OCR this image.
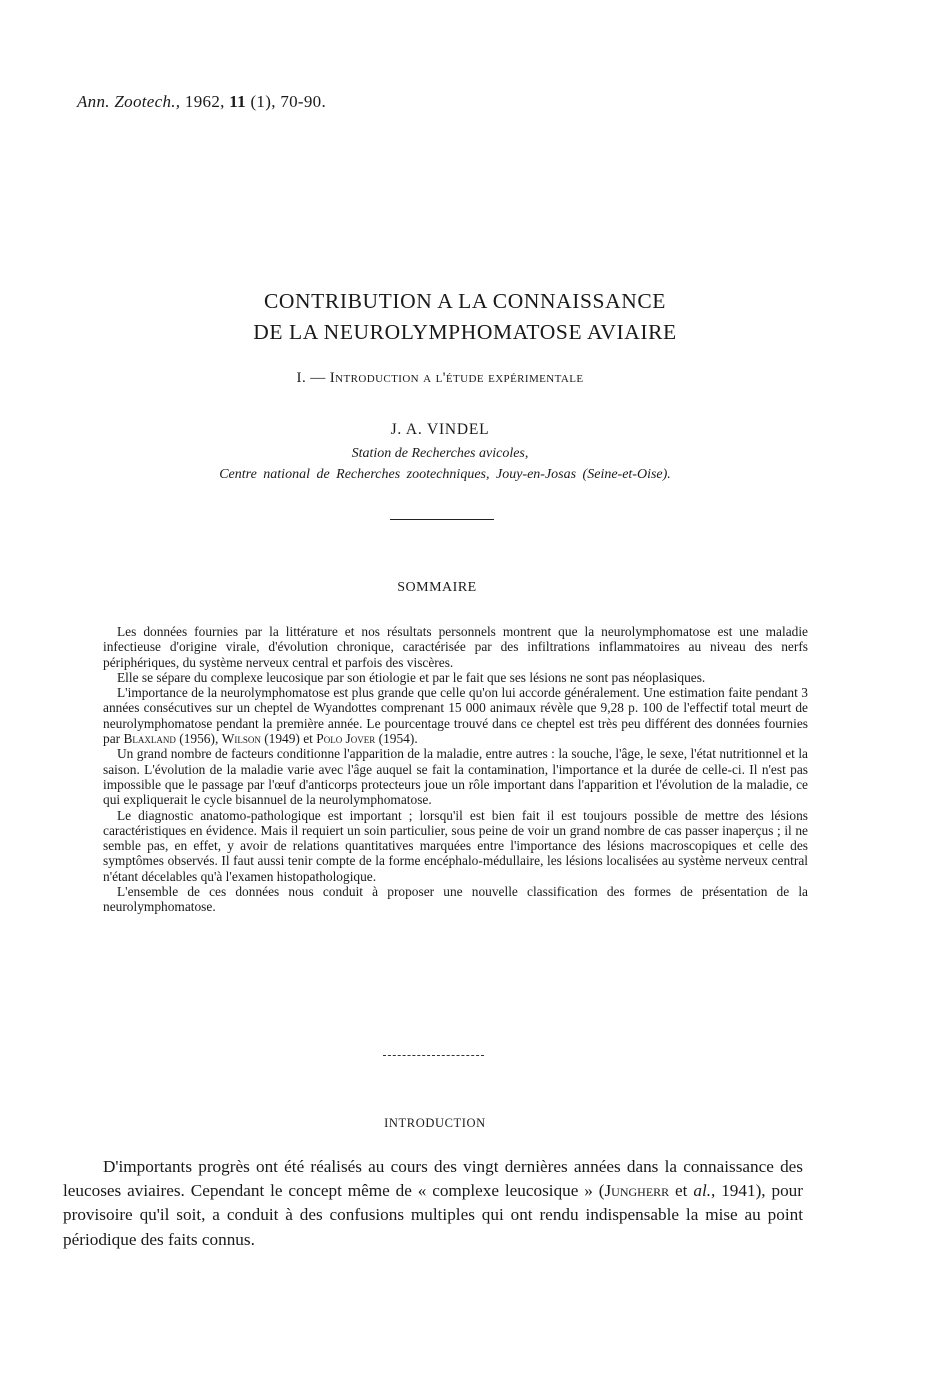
Ann. Zootech., 1962, 11 (1), 70-90.
CONTRIBUTION A LA CONNAISSANCE
DE LA NEUROLYMPHOMATOSE AVIAIRE
I. — Introduction a l'étude expérimentale
J. A. VINDEL
Station de Recherches avicoles,
Centre national de Recherches zootechniques, Jouy-en-Josas (Seine-et-Oise).
SOMMAIRE

Les données fournies par la littérature et nos résultats personnels montrent que la neurolymphomatose est une maladie infectieuse d'origine virale, d'évolution chronique, caractérisée par des infiltrations inflammatoires au niveau des nerfs périphériques, du système nerveux central et parfois des viscères.

Elle se sépare du complexe leucosique par son étiologie et par le fait que ses lésions ne sont pas néoplasiques.

L'importance de la neurolymphomatose est plus grande que celle qu'on lui accorde généralement. Une estimation faite pendant 3 années consécutives sur un cheptel de Wyandottes comprenant 15 000 animaux révèle que 9,28 p. 100 de l'effectif total meurt de neurolymphomatose pendant la première année. Le pourcentage trouvé dans ce cheptel est très peu différent des données fournies par Blaxland (1956), Wilson (1949) et Polo Jover (1954).

Un grand nombre de facteurs conditionne l'apparition de la maladie, entre autres : la souche, l'âge, le sexe, l'état nutritionnel et la saison. L'évolution de la maladie varie avec l'âge auquel se fait la contamination, l'importance et la durée de celle-ci. Il n'est pas impossible que le passage par l'œuf d'anticorps protecteurs joue un rôle important dans l'apparition et l'évolution de la maladie, ce qui expliquerait le cycle bisannuel de la neurolymphomatose.

Le diagnostic anatomo-pathologique est important ; lorsqu'il est bien fait il est toujours possible de mettre des lésions caractéristiques en évidence. Mais il requiert un soin particulier, sous peine de voir un grand nombre de cas passer inaperçus ; il ne semble pas, en effet, y avoir de relations quantitatives marquées entre l'importance des lésions macroscopiques et celle des symptômes observés. Il faut aussi tenir compte de la forme encéphalo-médullaire, les lésions localisées au système nerveux central n'étant décelables qu'à l'examen histopathologique.

L'ensemble de ces données nous conduit à proposer une nouvelle classification des formes de présentation de la neurolymphomatose.

INTRODUCTION

D'importants progrès ont été réalisés au cours des vingt dernières années dans la connaissance des leucoses aviaires. Cependant le concept même de « complexe leucosique » (Jungherr et al., 1941), pour provisoire qu'il soit, a conduit à des confusions multiples qui ont rendu indispensable la mise au point périodique des faits connus.
